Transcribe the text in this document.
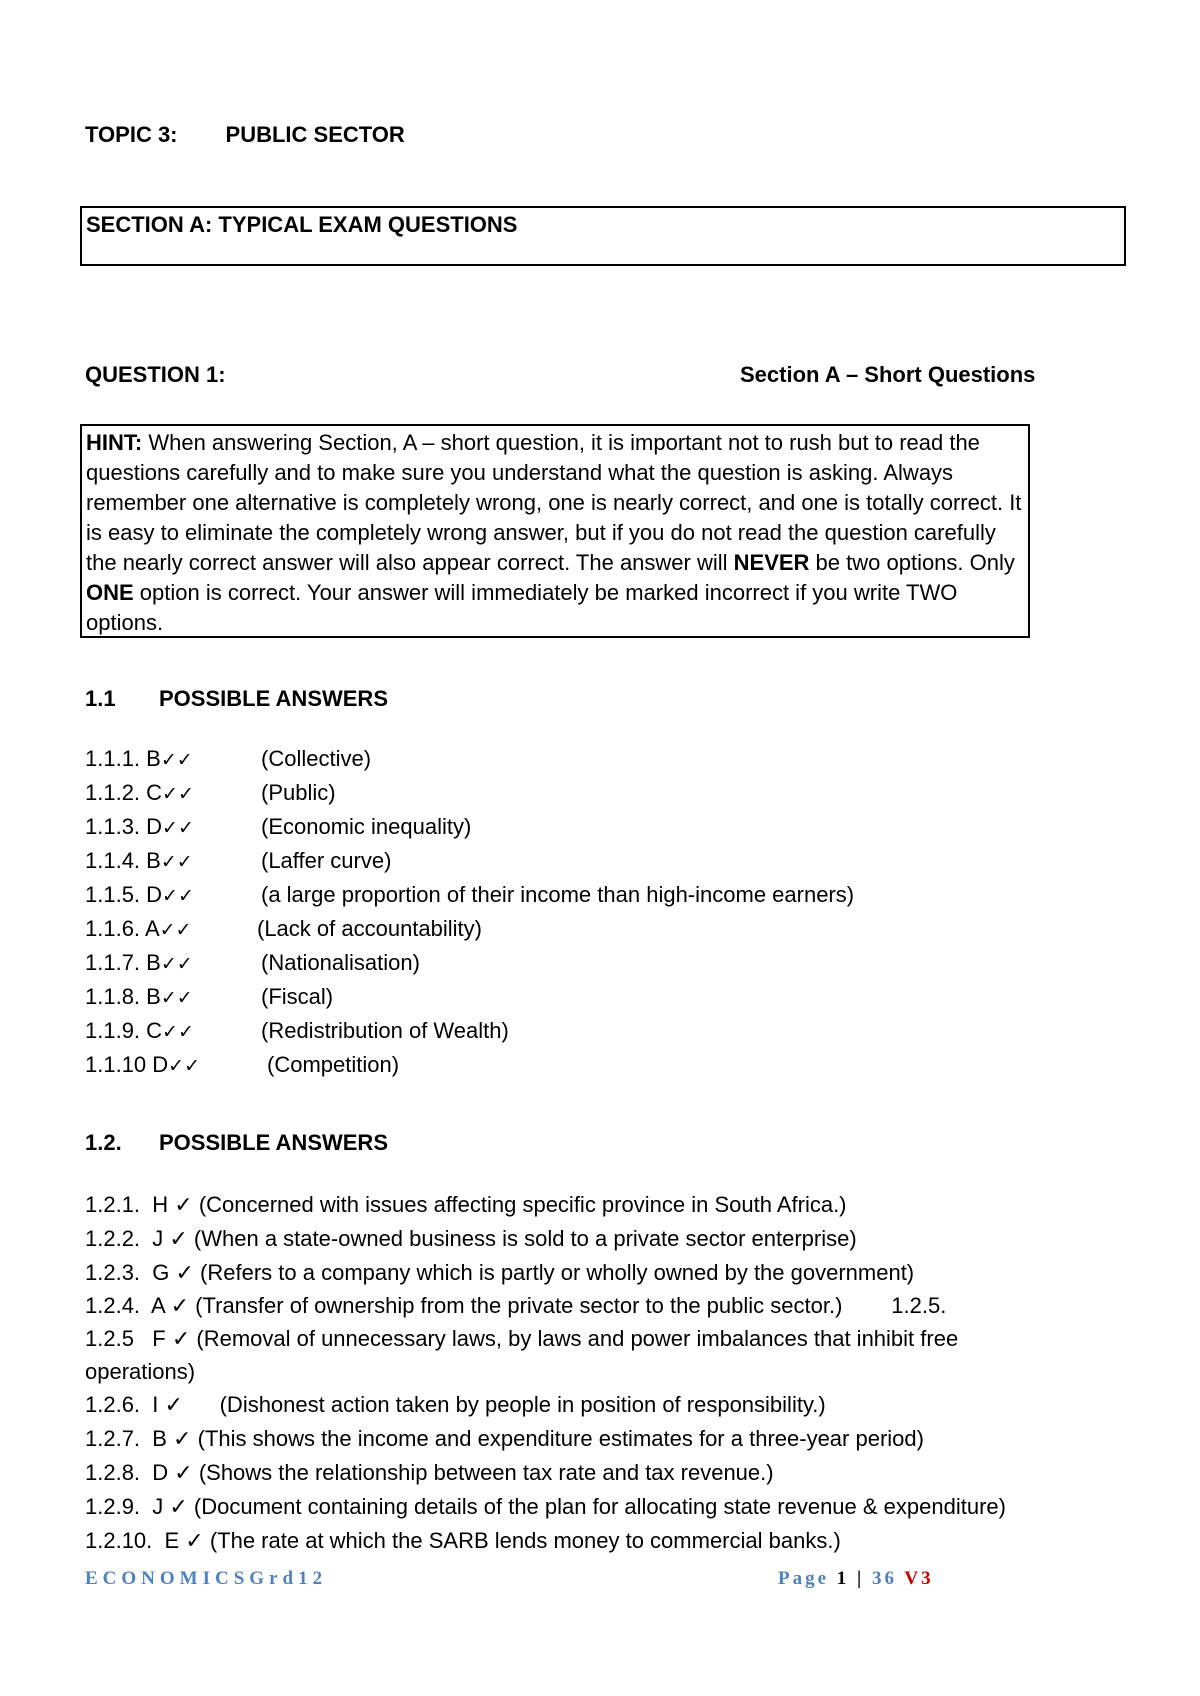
TOPIC 3: PUBLIC SECTOR
SECTION A: TYPICAL EXAM QUESTIONS
QUESTION 1:	Section A – Short Questions

HINT: When answering Section, A – short question, it is important not to rush but to read the questions carefully and to make sure you understand what the question is asking. Always remember one alternative is completely wrong, one is nearly correct, and one is totally correct. It is easy to eliminate the completely wrong answer, but if you do not read the question carefully the nearly correct answer will also appear correct. The answer will NEVER be two options. Only ONE option is correct. Your answer will immediately be marked incorrect if you write TWO options.

1.1 POSSIBLE ANSWERS
1.1.1. B✓✓	(Collective)
1.1.2. C✓✓	(Public)
1.1.3. D✓✓	(Economic inequality)
1.1.4. B✓✓	(Laffer curve)
1.1.5. D✓✓	(a large proportion of their income than high-income earners)
1.1.6. A✓✓	(Lack of accountability)
1.1.7. B✓✓	(Nationalisation)
1.1.8. B✓✓	(Fiscal)
1.1.9. C✓✓	(Redistribution of Wealth)
1.1.10 D✓✓	(Competition)
1.2. POSSIBLE ANSWERS
1.2.1.  H ✓ (Concerned with issues affecting specific province in South Africa.)
1.2.2.  J ✓ (When a state-owned business is sold to a private sector enterprise)
1.2.3.  G ✓ (Refers to a company which is partly or wholly owned by the government)
1.2.4.  A ✓ (Transfer of ownership from the private sector to the public sector.)        1.2.5.
1.2.5   F ✓ (Removal of unnecessary laws, by laws and power imbalances that inhibit free
operations)
1.2.6.  I ✓      (Dishonest action taken by people in position of responsibility.)
1.2.7.  B ✓ (This shows the income and expenditure estimates for a three-year period)
1.2.8.  D ✓ (Shows the relationship between tax rate and tax revenue.)
1.2.9.  J ✓ (Document containing details of the plan for allocating state revenue & expenditure)
1.2.10.  E ✓ (The rate at which the SARB lends money to commercial banks.)
ECONOMICSGrd12	Page 1 | 36 V3
